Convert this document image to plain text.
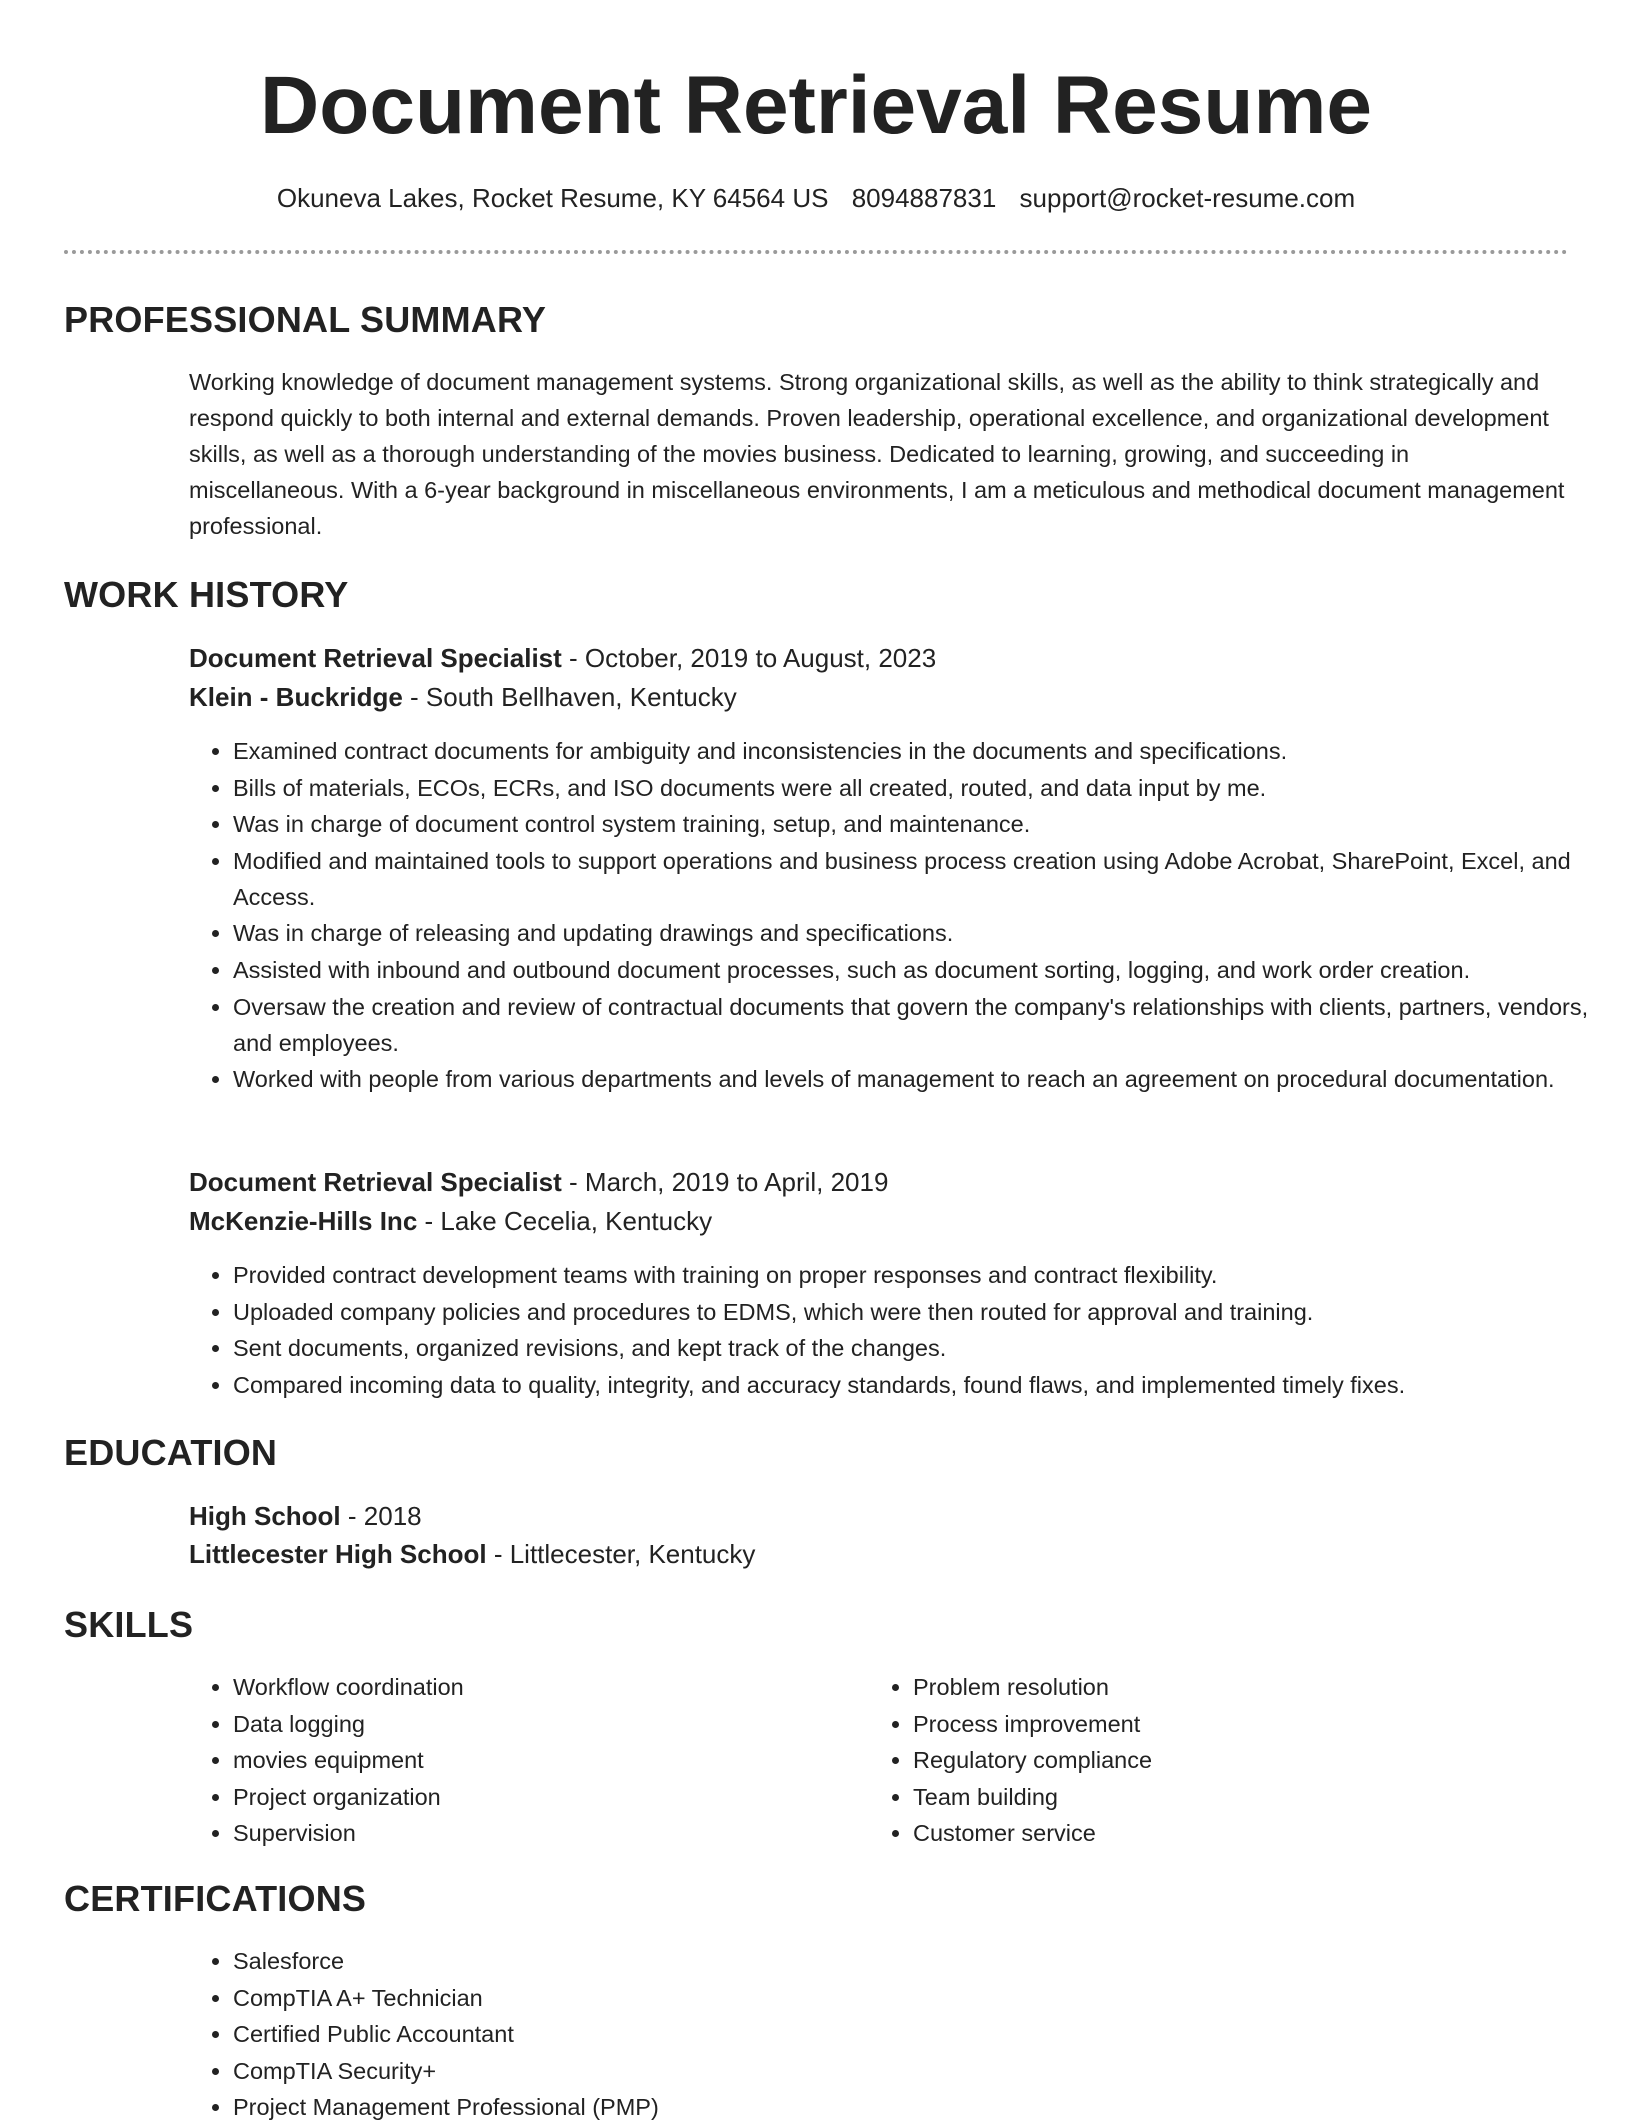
Document Retrieval Resume
Okuneva Lakes, Rocket Resume, KY 64564 US 8094887831 support@rocket-resume.com
PROFESSIONAL SUMMARY

Working knowledge of document management systems. Strong organizational skills, as well as the ability to think strategically and respond quickly to both internal and external demands. Proven leadership, operational excellence, and organizational development skills, as well as a thorough understanding of the movies business. Dedicated to learning, growing, and succeeding in miscellaneous. With a 6-year background in miscellaneous environments, I am a meticulous and methodical document management professional.

WORK HISTORY
Document Retrieval Specialist - October, 2019 to August, 2023
Klein - Buckridge - South Bellhaven, Kentucky
• Examined contract documents for ambiguity and inconsistencies in the documents and specifications.
• Bills of materials, ECOs, ECRs, and ISO documents were all created, routed, and data input by me.
• Was in charge of document control system training, setup, and maintenance.
• Modified and maintained tools to support operations and business process creation using Adobe Acrobat, SharePoint, Excel, and Access.
• Was in charge of releasing and updating drawings and specifications.
• Assisted with inbound and outbound document processes, such as document sorting, logging, and work order creation.
• Oversaw the creation and review of contractual documents that govern the company's relationships with clients, partners, vendors, and employees.
• Worked with people from various departments and levels of management to reach an agreement on procedural documentation.
Document Retrieval Specialist - March, 2019 to April, 2019
McKenzie-Hills Inc - Lake Cecelia, Kentucky
• Provided contract development teams with training on proper responses and contract flexibility.
• Uploaded company policies and procedures to EDMS, which were then routed for approval and training.
• Sent documents, organized revisions, and kept track of the changes.
• Compared incoming data to quality, integrity, and accuracy standards, found flaws, and implemented timely fixes.
EDUCATION
High School - 2018
Littlecester High School - Littlecester, Kentucky
SKILLS
• Workflow coordination
• Data logging
• movies equipment
• Project organization
• Supervision
• Problem resolution
• Process improvement
• Regulatory compliance
• Team building
• Customer service
CERTIFICATIONS
• Salesforce
• CompTIA A+ Technician
• Certified Public Accountant
• CompTIA Security+
• Project Management Professional (PMP)
